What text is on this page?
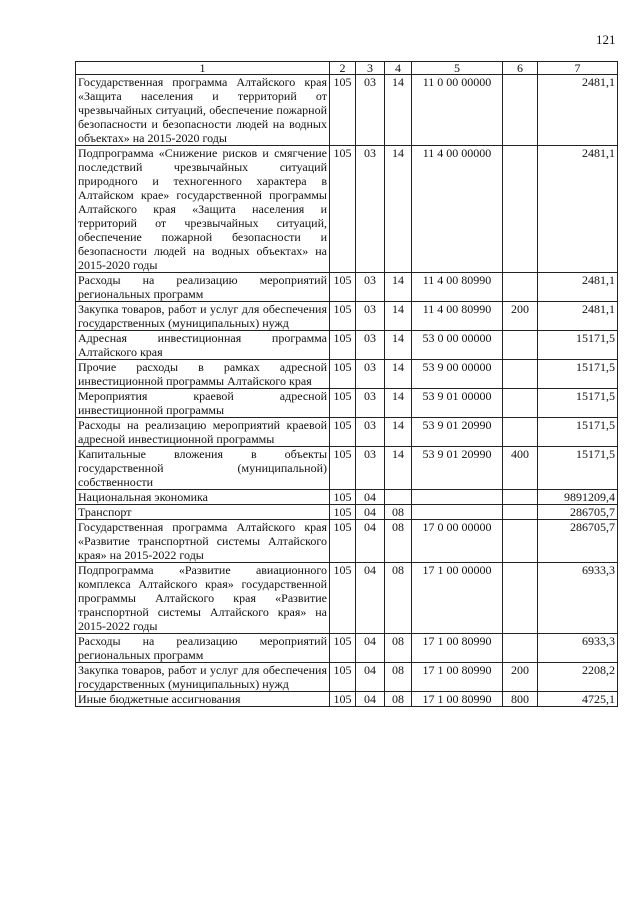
121
1	2	3	4	5	6	7
Государственная программа Алтайского края «Защита населения и территорий от чрезвычайных ситуаций, обеспечение пожарной безопасности и безопасности людей на водных объектах» на 2015-2020 годы	105	03	14	11 0 00 00000		2481,1
Подпрограмма «Снижение рисков и смягчение последствий чрезвычайных ситуаций природного и техногенного характера в Алтайском крае» государственной программы Алтайского края «Защита населения и территорий от чрезвычайных ситуаций, обеспечение пожарной безопасности и безопасности людей на водных объектах» на 2015-2020 годы	105	03	14	11 4 00 00000		2481,1
Расходы на реализацию мероприятий региональных программ	105	03	14	11 4 00 80990		2481,1
Закупка товаров, работ и услуг для обеспечения государственных (муниципальных) нужд	105	03	14	11 4 00 80990	200	2481,1
Адресная инвестиционная программа Алтайского края	105	03	14	53 0 00 00000		15171,5
Прочие расходы в рамках адресной инвестиционной программы Алтайского края	105	03	14	53 9 00 00000		15171,5
Мероприятия краевой адресной инвестиционной программы	105	03	14	53 9 01 00000		15171,5
Расходы на реализацию мероприятий краевой адресной инвестиционной программы	105	03	14	53 9 01 20990		15171,5
Капитальные вложения в объекты государственной (муниципальной) собственности	105	03	14	53 9 01 20990	400	15171,5
Национальная экономика	105	04				9891209,4
Транспорт	105	04	08			286705,7
Государственная программа Алтайского края «Развитие транспортной системы Алтайского края» на 2015-2022 годы	105	04	08	17 0 00 00000		286705,7
Подпрограмма «Развитие авиационного комплекса Алтайского края» государственной программы Алтайского края «Развитие транспортной системы Алтайского края» на 2015-2022 годы	105	04	08	17 1 00 00000		6933,3
Расходы на реализацию мероприятий региональных программ	105	04	08	17 1 00 80990		6933,3
Закупка товаров, работ и услуг для обеспечения государственных (муниципальных) нужд	105	04	08	17 1 00 80990	200	2208,2
Иные бюджетные ассигнования	105	04	08	17 1 00 80990	800	4725,1
